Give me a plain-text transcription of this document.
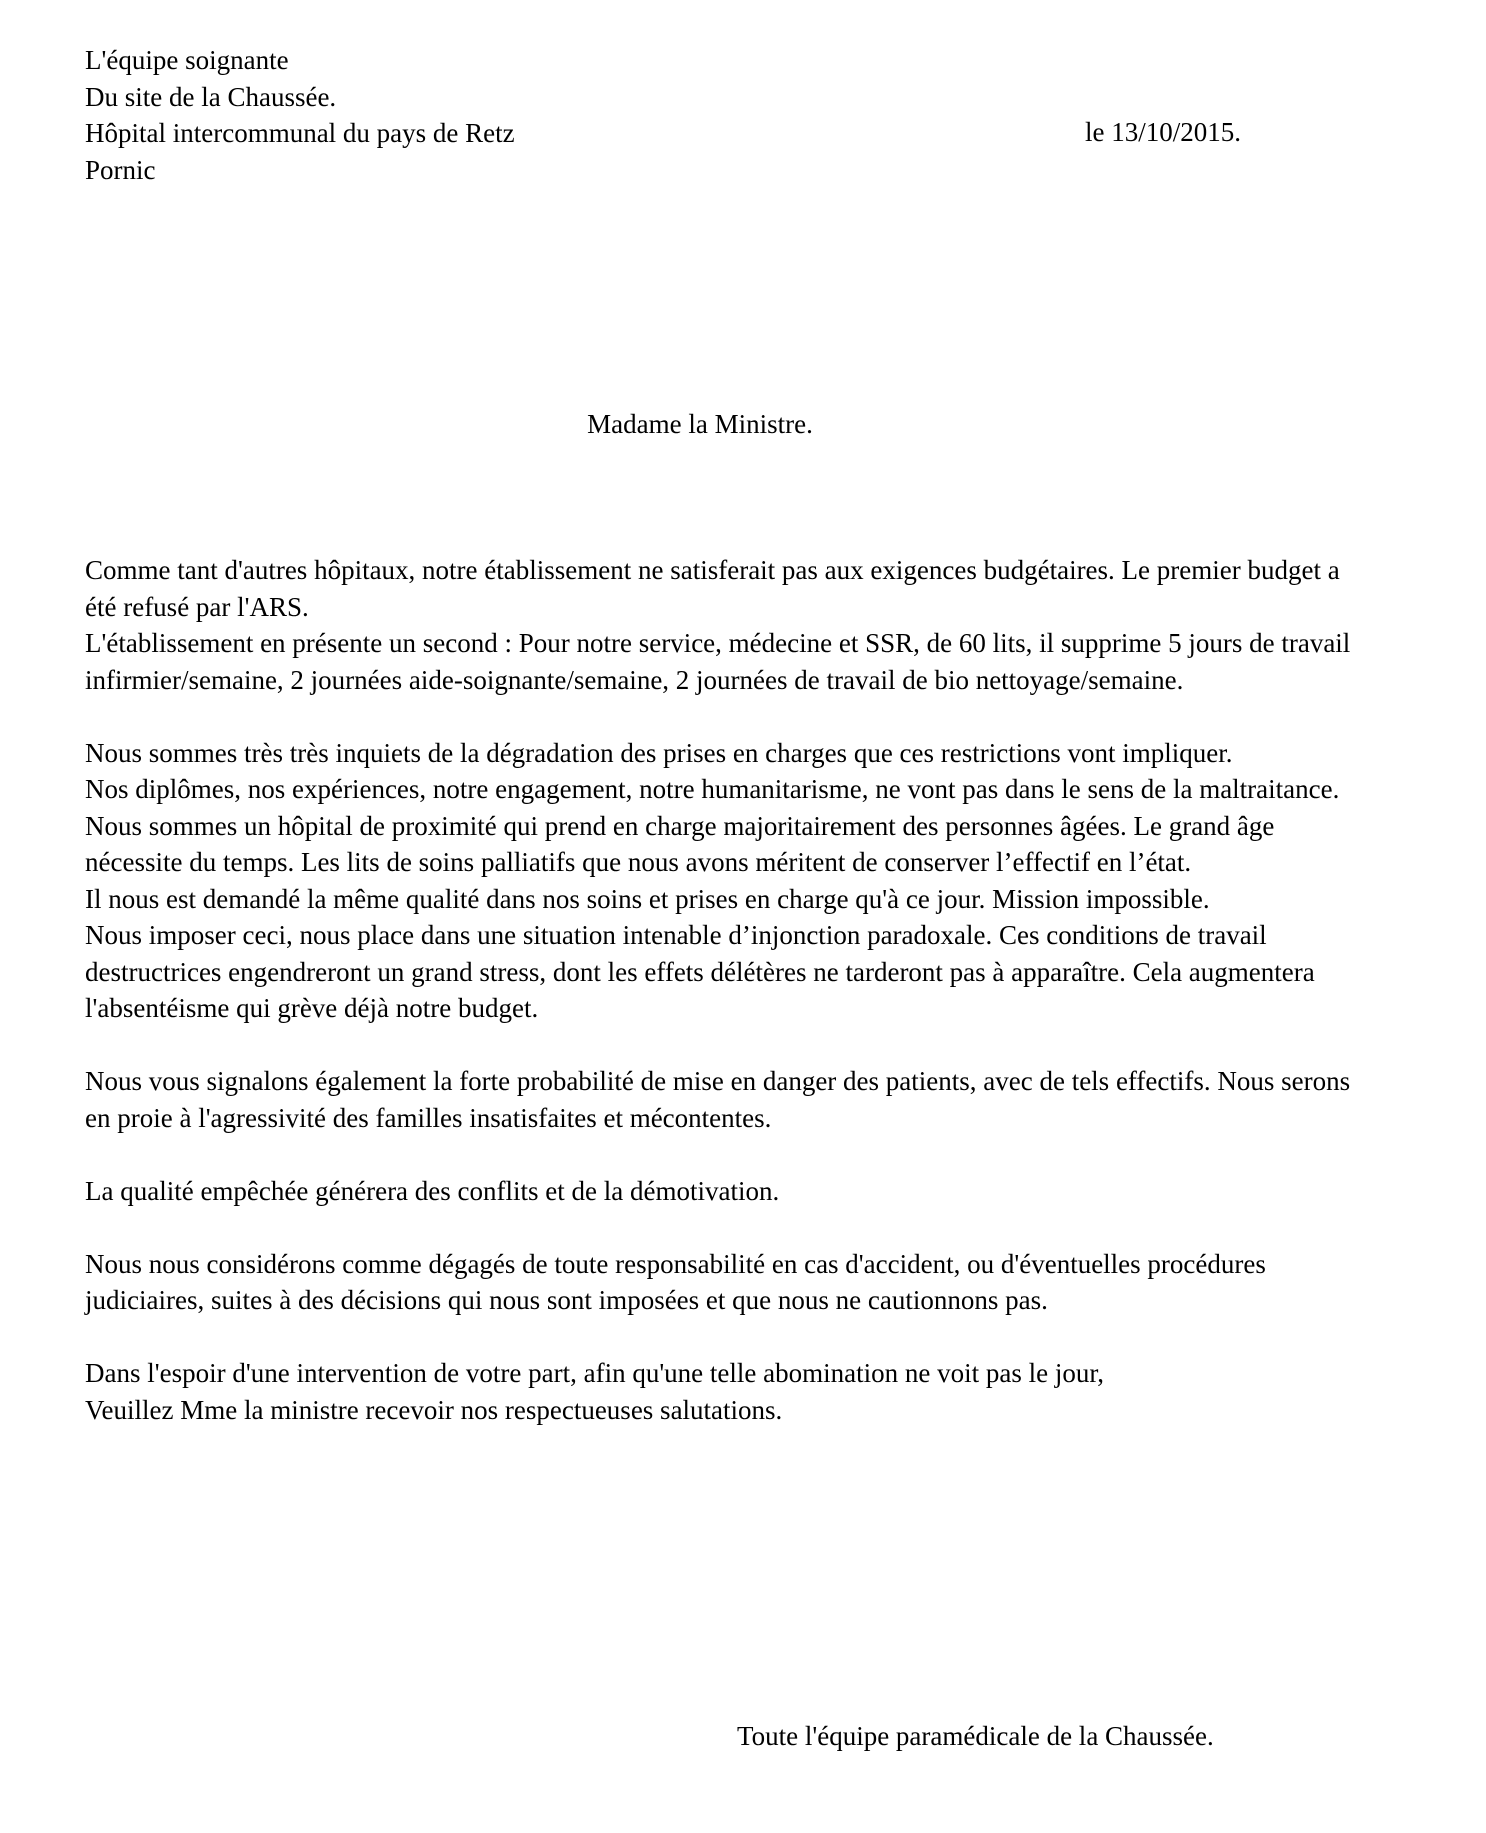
L'équipe soignante
Du site de la Chaussée.
Hôpital intercommunal du pays de Retz
Pornic
le 13/10/2015.
Madame la Ministre.

Comme tant d'autres hôpitaux, notre établissement ne satisferait pas aux exigences budgétaires. Le premier budget a été refusé par l'ARS.

L'établissement en présente un second : Pour notre service, médecine et SSR, de 60 lits, il supprime 5 jours de travail infirmier/semaine, 2 journées aide-soignante/semaine, 2 journées de travail de bio nettoyage/semaine.

Nous sommes très très inquiets de la dégradation des prises en charges que ces restrictions vont impliquer.

Nos diplômes, nos expériences, notre engagement, notre humanitarisme, ne vont pas dans le sens de la maltraitance.

Nous sommes un hôpital de proximité qui prend en charge majoritairement des personnes âgées. Le grand âge nécessite du temps. Les lits de soins palliatifs que nous avons méritent de conserver l’effectif en l’état.

Il nous est demandé la même qualité dans nos soins et prises en charge qu'à ce jour. Mission impossible.

Nous imposer ceci, nous place dans une situation intenable d’injonction paradoxale. Ces conditions de travail destructrices engendreront un grand stress, dont les effets délétères ne tarderont pas à apparaître. Cela augmentera l'absentéisme qui grève déjà notre budget.

Nous vous signalons également la forte probabilité de mise en danger des patients, avec de tels effectifs. Nous serons en proie à l'agressivité des familles insatisfaites et mécontentes.

La qualité empêchée générera des conflits et de la démotivation.

Nous nous considérons comme dégagés de toute responsabilité en cas d'accident, ou d'éventuelles procédures judiciaires, suites à des décisions qui nous sont imposées et que nous ne cautionnons pas.

Dans l'espoir d'une intervention de votre part, afin qu'une telle abomination ne voit pas le jour,

Veuillez Mme la ministre recevoir nos respectueuses salutations.

Toute l'équipe paramédicale de la Chaussée.
